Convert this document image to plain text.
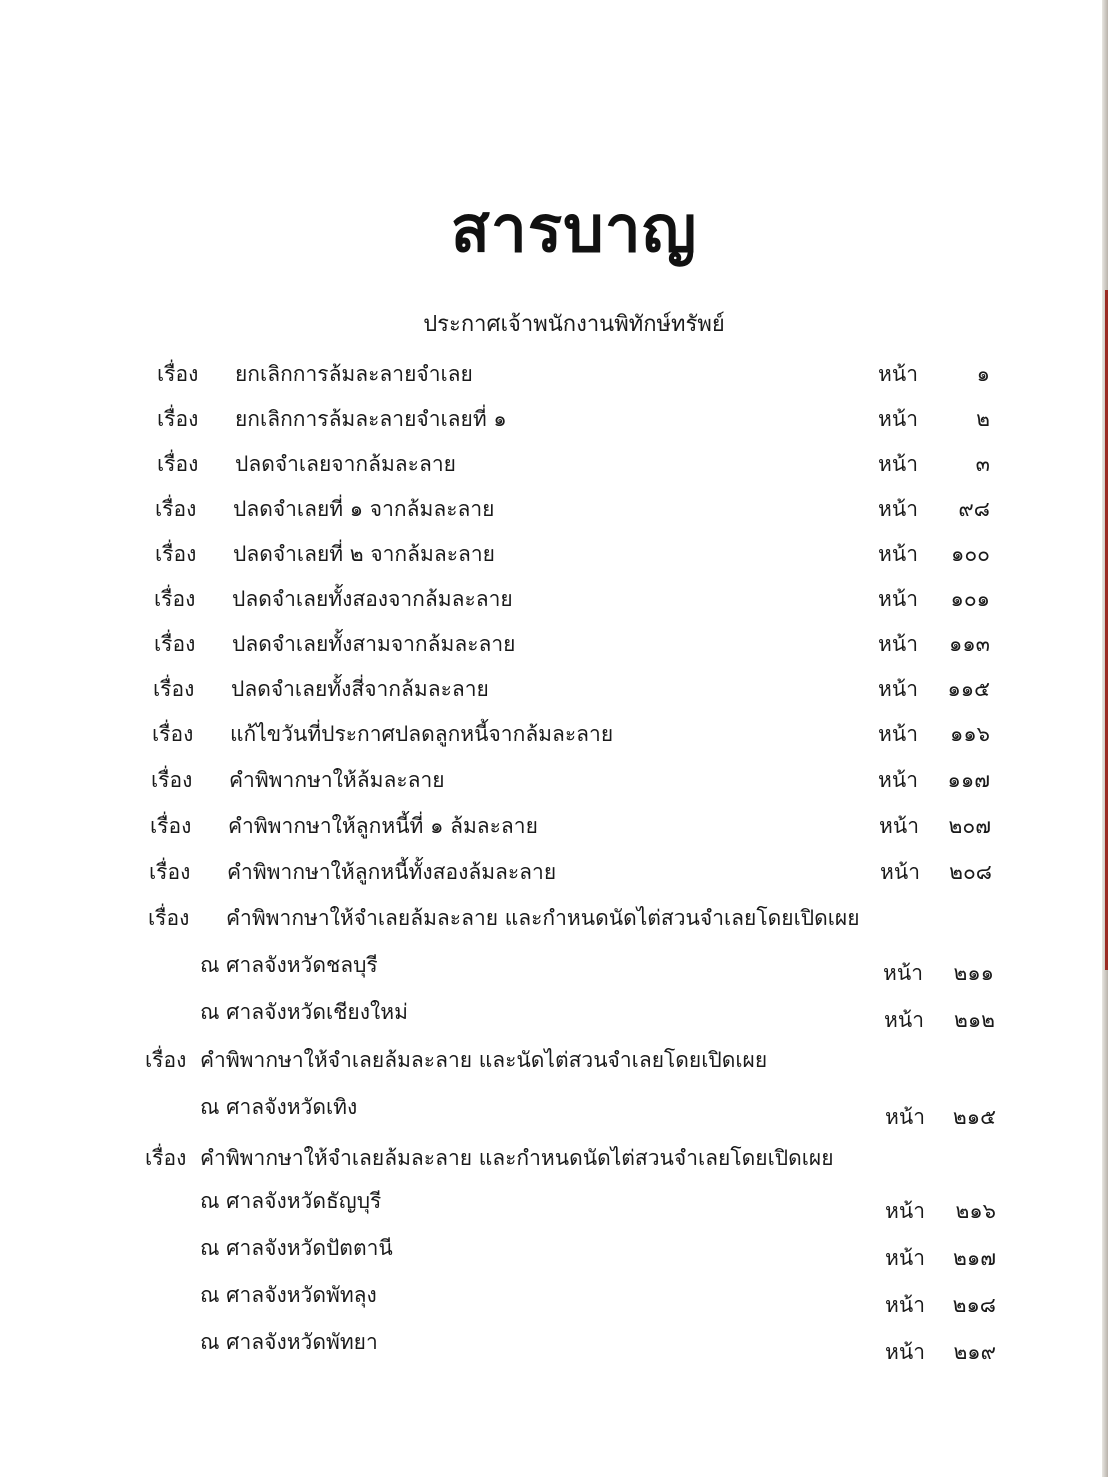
สารบาญ
ประกาศเจ้าพนักงานพิทักษ์ทรัพย์
เรื่อง ยกเลิกการล้มละลายจำเลย	หน้า	๑
เรื่อง ยกเลิกการล้มละลายจำเลยที่ ๑	หน้า	๒
เรื่อง ปลดจำเลยจากล้มละลาย	หน้า	๓
เรื่อง ปลดจำเลยที่ ๑ จากล้มละลาย	หน้า	๙๘
เรื่อง ปลดจำเลยที่ ๒ จากล้มละลาย	หน้า	๑๐๐
เรื่อง ปลดจำเลยทั้งสองจากล้มละลาย	หน้า	๑๐๑
เรื่อง ปลดจำเลยทั้งสามจากล้มละลาย	หน้า	๑๑๓
เรื่อง ปลดจำเลยทั้งสี่จากล้มละลาย	หน้า	๑๑๕
เรื่อง แก้ไขวันที่ประกาศปลดลูกหนี้จากล้มละลาย	หน้า	๑๑๖
เรื่อง คำพิพากษาให้ล้มละลาย	หน้า	๑๑๗
เรื่อง คำพิพากษาให้ลูกหนี้ที่ ๑ ล้มละลาย	หน้า	๒๐๗
เรื่อง คำพิพากษาให้ลูกหนี้ทั้งสองล้มละลาย	หน้า	๒๐๘
เรื่อง คำพิพากษาให้จำเลยล้มละลาย และกำหนดนัดไต่สวนจำเลยโดยเปิดเผย
ณ ศาลจังหวัดชลบุรี	หน้า	๒๑๑
ณ ศาลจังหวัดเชียงใหม่	หน้า	๒๑๒
เรื่อง คำพิพากษาให้จำเลยล้มละลาย และนัดไต่สวนจำเลยโดยเปิดเผย
ณ ศาลจังหวัดเทิง	หน้า	๒๑๕
เรื่อง คำพิพากษาให้จำเลยล้มละลาย และกำหนดนัดไต่สวนจำเลยโดยเปิดเผย
ณ ศาลจังหวัดธัญบุรี	หน้า	๒๑๖
ณ ศาลจังหวัดปัตตานี	หน้า	๒๑๗
ณ ศาลจังหวัดพัทลุง	หน้า	๒๑๘
ณ ศาลจังหวัดพัทยา	หน้า	๒๑๙
